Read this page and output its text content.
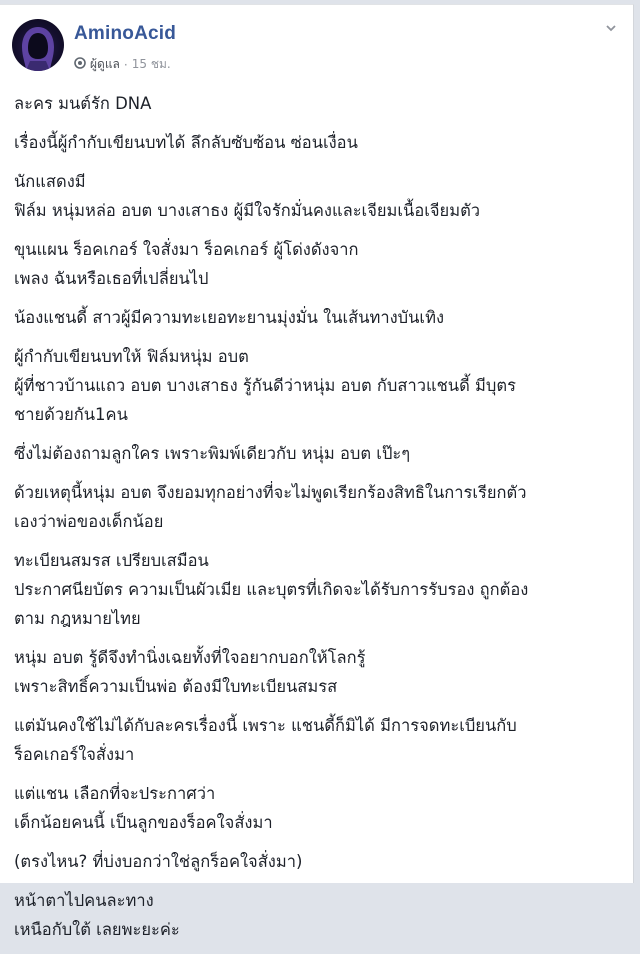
AminoAcid
ผู้ดูแล · 15 ชม.
ละคร มนต์รัก DNA
เรื่องนี้ผู้กำกับเขียนบทได้ ลึกลับซับซ้อน ซ่อนเงื่อน
นักแสดงมี
ฟิล์ม หนุ่มหล่อ อบต บางเสาธง ผู้มีใจรักมั่นคงและเจียมเนื้อเจียมตัว
ขุนแผน ร็อคเกอร์ ใจสั่งมา ร็อคเกอร์ ผู้โด่งดังจาก
เพลง ฉันหรือเธอที่เปลี่ยนไป
น้องแชนดี้ สาวผู้มีความทะเยอทะยานมุ่งมั่น ในเส้นทางบันเทิง
ผู้กำกับเขียนบทให้ ฟิล์มหนุ่ม อบต
ผู้ที่ชาวบ้านแถว อบต บางเสาธง รู้กันดีว่าหนุ่ม อบต กับสาวแชนดี้ มีบุตร
ชายด้วยกัน1คน
ซึ่งไม่ต้องถามลูกใคร เพราะพิมพ์เดียวกับ หนุ่ม อบต เป๊ะๆ
ด้วยเหตุนี้หนุ่ม อบต จึงยอมทุกอย่างที่จะไม่พูดเรียกร้องสิทธิในการเรียกตัว
เองว่าพ่อของเด็กน้อย
ทะเบียนสมรส เปรียบเสมือน
ประกาศนียบัตร ความเป็นผัวเมีย และบุตรที่เกิดจะได้รับการรับรอง ถูกต้อง
ตาม กฎหมายไทย
หนุ่ม อบต รู้ดีจึงทำนิ่งเฉยทั้งที่ใจอยากบอกให้โลกรู้
เพราะสิทธิ์ความเป็นพ่อ ต้องมีใบทะเบียนสมรส
แต่มันคงใช้ไม่ได้กับละครเรื่องนี้ เพราะ แชนดี้ก็มิได้ มีการจดทะเบียนกับ
ร็อคเกอร์ใจสั่งมา
แต่แชน เลือกที่จะประกาศว่า
เด็กน้อยคนนี้ เป็นลูกของร็อคใจสั่งมา
(ตรงไหน? ที่บ่งบอกว่าใช่ลูกร็อคใจสั่งมา)
หน้าตาไปคนละทาง
เหนือกับใต้ เลยพะยะค่ะ
